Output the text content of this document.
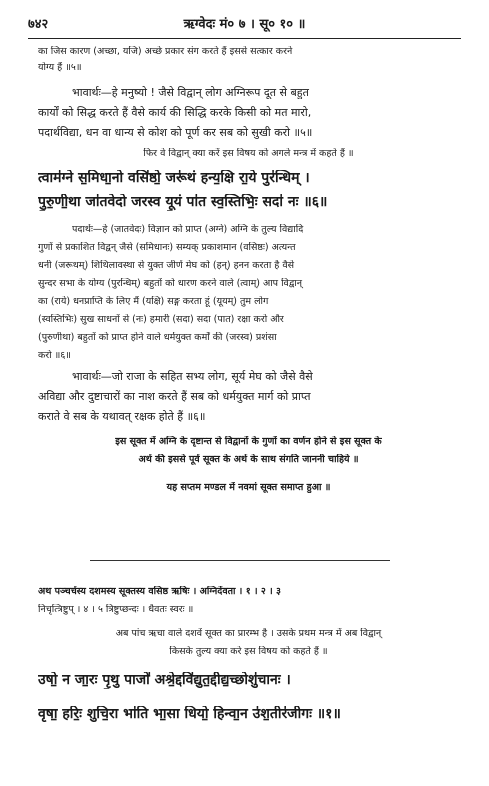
७४२	ऋग्वेदः मं० ७ । सू० १० ॥
का जिस कारण (अच्छा, यजि) अच्छे प्रकार संग करते हैं इससे सत्कार करने
योग्य हैं ॥५॥
भावार्थः—हे मनुष्यो ! जैसे विद्वान् लोग अग्निरूप दूत से बहुत
कार्यों को सिद्ध करते हैं वैसे कार्य की सिद्धि करके किसी को मत मारो,
पदार्थविद्या, धन वा धान्य से कोश को पूर्ण कर सब को सुखी करो ॥५॥
फिर वे विद्वान् क्या करें इस विषय को अगले मन्त्र में कहते हैं ॥
त्वाम॑ग्ने स॒मिधा॒नो वसि॑ष्ठो॒ जरू॑थं हन्य॒क्षि रा॒ये पुर॑न्धिम् ।
पु॒रु॒णी॒था जा॑तवेदो जरस्व यू॒यं पा॑त स्व॒स्तिभिः॒ सदा॑ नः ॥६॥
पदार्थः—हे (जातवेदः) विज्ञान को प्राप्त (अग्ने) अग्नि के तुल्य विद्यादि
गुणों से प्रकाशित विद्वन् जैसे (समिधानः) सम्यक् प्रकाशमान (वसिष्ठः) अत्यन्त
धनी (जरूथम्) शिथिलावस्था से युक्त जीर्ण मेघ को (हन्) हनन करता है वैसे
सुन्दर सभा के योग्य (पुरन्धिम्) बहुतों को धारण करने वाले (त्वाम्) आप विद्वान्
का (राये) धनप्राप्ति के लिए मैं (यक्षि) सङ्ग करता हूं (यूयम्) तुम लोग
(स्वस्तिभिः) सुख साधनों से (नः) हमारी (सदा) सदा (पात) रक्षा करो और
(पुरुणीथा) बहुतों को प्राप्त होने वाले धर्मयुक्त कर्मों की (जरस्व) प्रशंसा
करो ॥६॥
भावार्थः—जो राजा के सहित सभ्य लोग, सूर्य मेघ को जैसे वैसे
अविद्या और दुष्टाचारों का नाश करते हैं सब को धर्मयुक्त मार्ग को प्राप्त
कराते वे सब के यथावत् रक्षक होते हैं ॥६॥
इस सूक्त में अग्नि के दृष्टान्त से विद्वानों के गुणों का वर्णन होने से इस सूक्त के
अर्थ की इससे पूर्व सूक्त के अर्थ के साथ संगति जाननी चाहिये ॥
यह सप्तम मण्डल में नवमां सूक्त समाप्त हुआ ॥
अथ पञ्चर्चस्य दशमस्य सूक्तस्य वसिष्ठ ऋषिः । अग्निर्देवता । १ । २ । ३
निचृत्त्रिष्टुप् । ४ । ५ त्रिष्टुप्छन्दः । धैवतः स्वरः ॥
अब पांच ऋचा वाले दशवें सूक्त का प्रारम्भ है । उसके प्रथम मन्त्र में अब विद्वान्
किसके तुल्य क्या करे इस विषय को कहते हैं ॥
उषो॒ न जा॒रः पृ॒थु पाजो॑ अश्रे॒द्दवि॑द्युत॒द्दीद्य॒च्छोशु॑चानः ।
वृषा॒ हरिः॒ शुचि॒रा भा॑ति भा॒सा धियो॒ हिन्वा॒न उ॑श॒तीर॑जीगः ॥१॥
